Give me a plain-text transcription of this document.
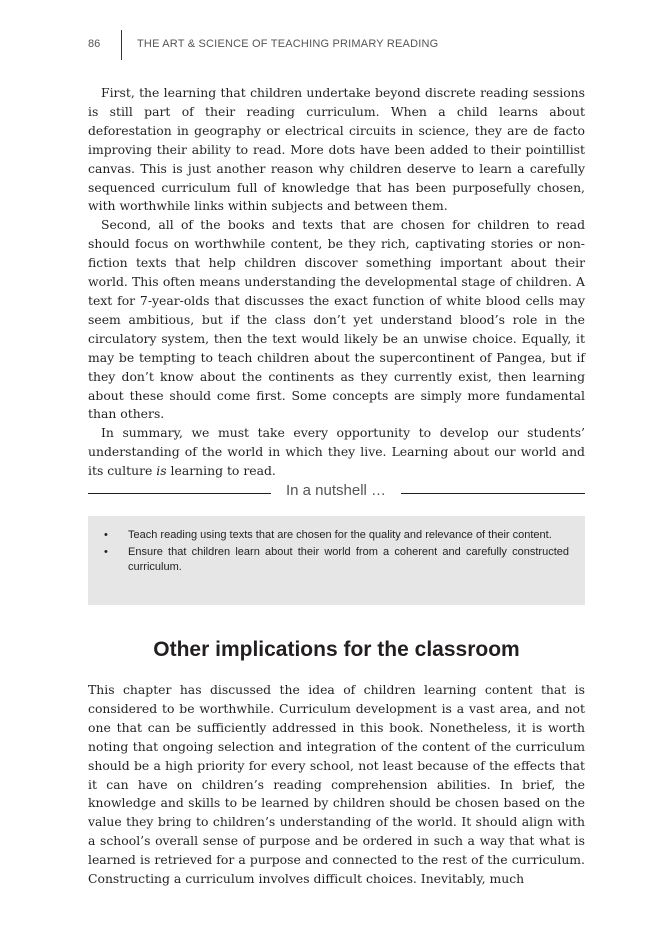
86	THE ART & SCIENCE OF TEACHING PRIMARY READING

First, the learning that children undertake beyond discrete reading sessions is still part of their reading curriculum. When a child learns about deforestation in geography or electrical circuits in science, they are de facto improving their ability to read. More dots have been added to their pointillist canvas. This is just another reason why children deserve to learn a carefully sequenced curriculum full of knowledge that has been purposefully chosen, with worthwhile links within subjects and between them.

Second, all of the books and texts that are chosen for children to read should focus on worthwhile content, be they rich, captivating stories or non-fiction texts that help children discover something important about their world. This often means understanding the developmental stage of children. A text for 7-year-olds that discusses the exact function of white blood cells may seem ambitious, but if the class don’t yet understand blood’s role in the circulatory system, then the text would likely be an unwise choice. Equally, it may be tempting to teach children about the supercontinent of Pangea, but if they don’t know about the continents as they currently exist, then learning about these should come first. Some concepts are simply more fundamental than others.

In summary, we must take every opportunity to develop our students’ understanding of the world in which they live. Learning about our world and its culture is learning to read.

In a nutshell …
• Teach reading using texts that are chosen for the quality and relevance of their content.
• Ensure that children learn about their world from a coherent and carefully constructed curriculum.
Other implications for the classroom

This chapter has discussed the idea of children learning content that is considered to be worthwhile. Curriculum development is a vast area, and not one that can be sufficiently addressed in this book. Nonetheless, it is worth noting that ongoing selection and integration of the content of the curriculum should be a high priority for every school, not least because of the effects that it can have on children’s reading comprehension abilities. In brief, the knowledge and skills to be learned by children should be chosen based on the value they bring to children’s understanding of the world. It should align with a school’s overall sense of purpose and be ordered in such a way that what is learned is retrieved for a purpose and connected to the rest of the curriculum. Constructing a curriculum involves difficult choices. Inevitably, much
